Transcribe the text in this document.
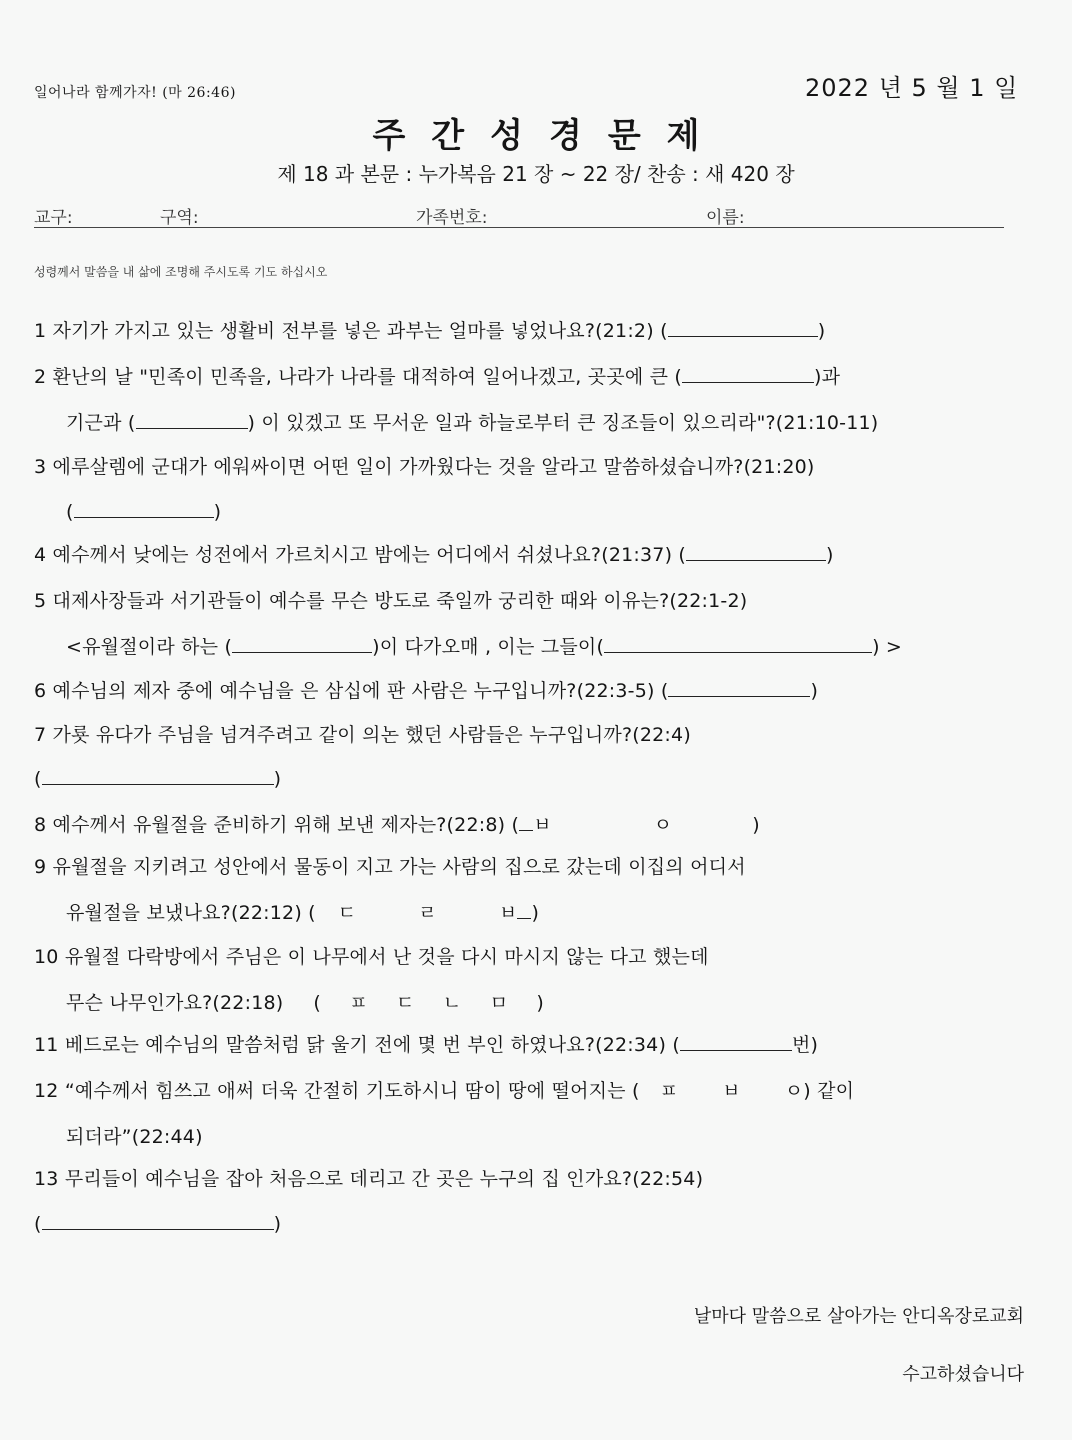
일어나라 함께가자! (마 26:46)	2022 년 5 월 1 일
주간성경문제
제 18 과 본문 : 누가복음 21 장 ~ 22 장/ 찬송 : 새 420 장
교구:	구역:	가족번호:	이름:
성령께서 말씀을 내 삶에 조명해 주시도록 기도 하십시오
1 자기가 가지고 있는 생활비 전부를 넣은 과부는 얼마를 넣었나요?(21:2) (	)
2 환난의 날 "민족이 민족을, 나라가 나라를 대적하여 일어나겠고, 곳곳에 큰 (	)과
기근과 (	) 이 있겠고 또 무서운 일과 하늘로부터 큰 징조들이 있으리라"?(21:10-11)
3 에루살렘에 군대가 에워싸이면 어떤 일이 가까웠다는 것을 알라고 말씀하셨습니까?(21:20)
(	)
4 예수께서 낮에는 성전에서 가르치시고 밤에는 어디에서 쉬셨나요?(21:37) (	)
5 대제사장들과 서기관들이 예수를 무슨 방도로 죽일까 궁리한 때와 이유는?(22:1-2)
<유월절이라 하는 (	)이 다가오매 , 이는 그들이(	) >
6 예수님의 제자 중에 예수님을 은 삼십에 판 사람은 누구입니까?(22:3-5) (	)
7 가룟 유다가 주님을 넘겨주려고 같이 의논 했던 사람들은 누구입니까?(22:4)
(	)
8 예수께서 유월절을 준비하기 위해 보낸 제자는?(22:8) ( ㅂ	ㅇ	)
9 유월절을 지키려고 성안에서 물동이 지고 가는 사람의 집으로 갔는데 이집의 어디서
유월절을 보냈나요?(22:12) ( ㄷ	ㄹ	ㅂ )
10 유월절 다락방에서 주님은 이 나무에서 난 것을 다시 마시지 않는 다고 했는데
무슨 나무인가요?(22:18) ( ㅍ ㄷ ㄴ ㅁ )
11 베드로는 예수님의 말씀처럼 닭 울기 전에 몇 번 부인 하였나요?(22:34) (	번)
12 “예수께서 힘쓰고 애써 더욱 간절히 기도하시니 땀이 땅에 떨어지는 ( ㅍ ㅂ ㅇ) 같이
되더라”(22:44)
13 무리들이 예수님을 잡아 처음으로 데리고 간 곳은 누구의 집 인가요?(22:54)
(	)
날마다 말씀으로 살아가는 안디옥장로교회
수고하셨습니다
